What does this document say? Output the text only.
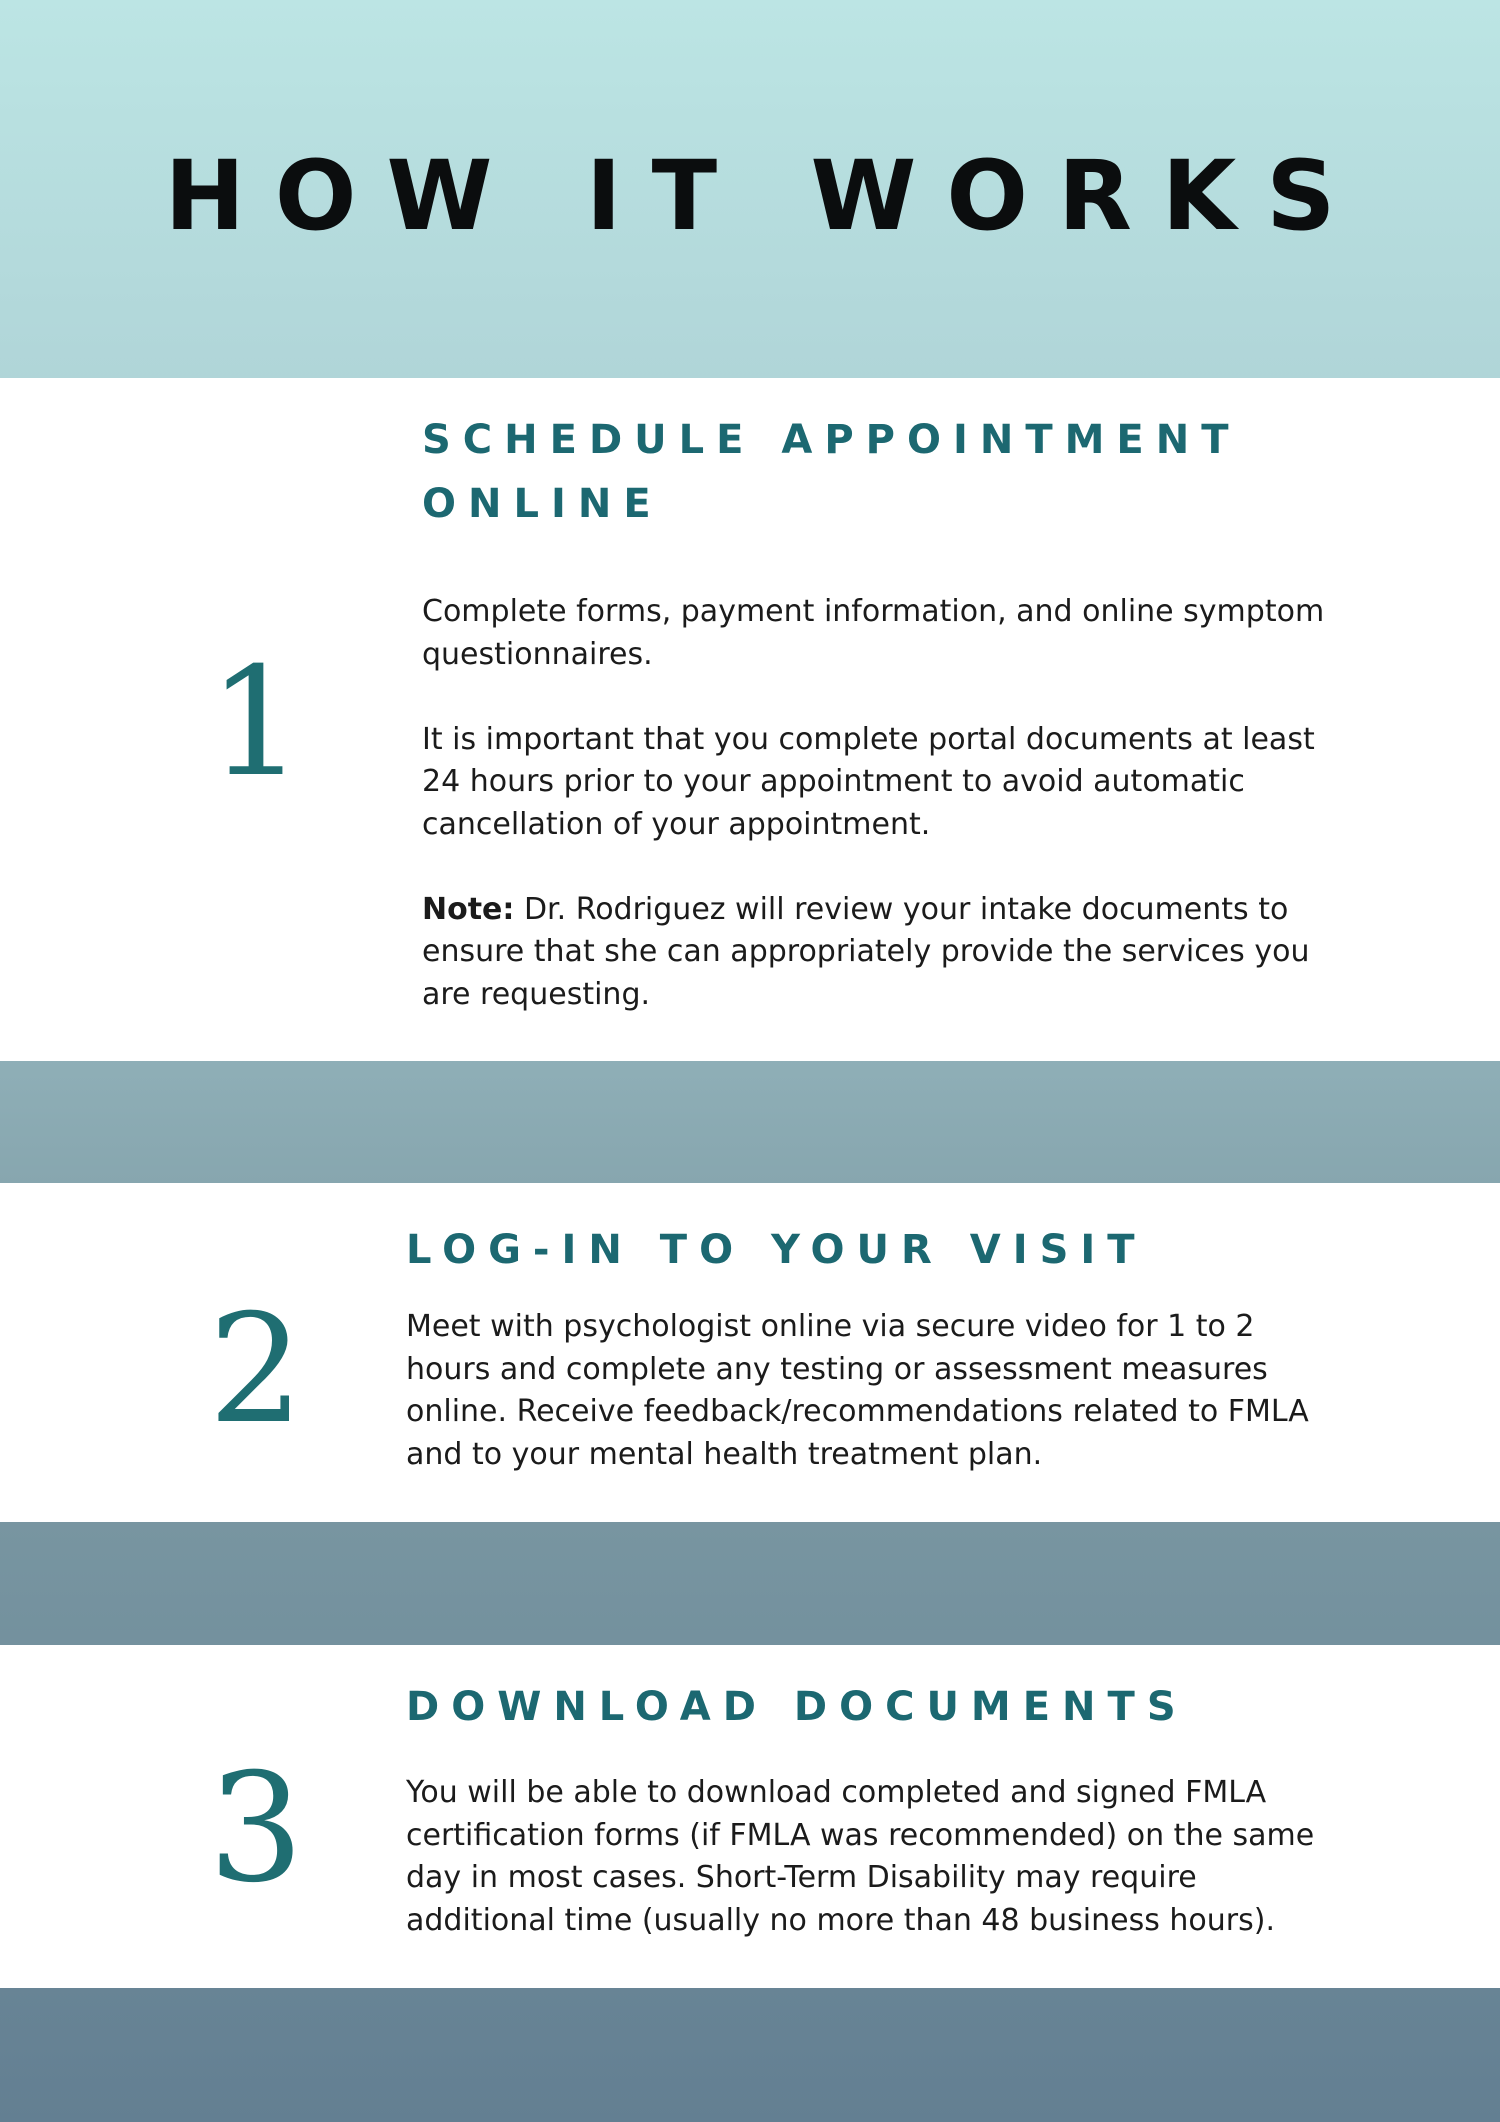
HOW IT WORKS
1
SCHEDULE APPOINTMENT
ONLINE

Complete forms, payment information, and online symptom questionnaires.

It is important that you complete portal documents at least 24 hours prior to your appointment to avoid automatic cancellation of your appointment.

Note: Dr. Rodriguez will review your intake documents to ensure that she can appropriately provide the services you are requesting.

2
LOG-IN TO YOUR VISIT

Meet with psychologist online via secure video for 1 to 2 hours and complete any testing or assessment measures online. Receive feedback/recommendations related to FMLA and to your mental health treatment plan.

3
DOWNLOAD DOCUMENTS

You will be able to download completed and signed FMLA certification forms (if FMLA was recommended) on the same day in most cases. Short-Term Disability may require additional time (usually no more than 48 business hours).
